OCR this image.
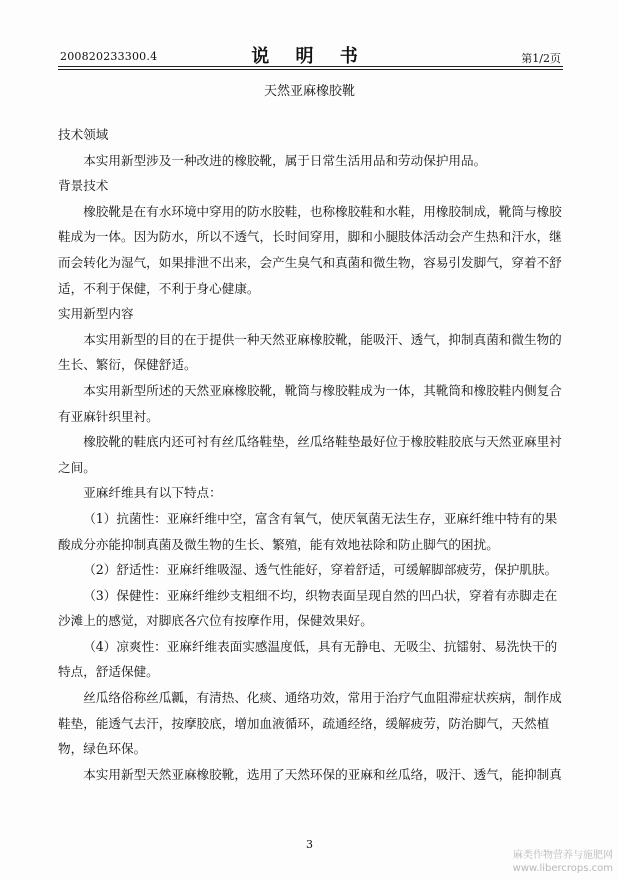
200820233300.4	说 明 书	第1/2页
天然亚麻橡胶靴

技术领域

本实用新型涉及一种改进的橡胶靴，属于日常生活用品和劳动保护用品。

背景技术

橡胶靴是在有水环境中穿用的防水胶鞋，也称橡胶鞋和水鞋，用橡胶制成，靴筒与橡胶鞋成为一体。因为防水，所以不透气，长时间穿用，脚和小腿肢体活动会产生热和汗水，继而会转化为湿气，如果排泄不出来，会产生臭气和真菌和微生物，容易引发脚气，穿着不舒适，不利于保健，不利于身心健康。

实用新型内容

本实用新型的目的在于提供一种天然亚麻橡胶靴，能吸汗、透气，抑制真菌和微生物的生长、繁衍，保健舒适。

本实用新型所述的天然亚麻橡胶靴，靴筒与橡胶鞋成为一体，其靴筒和橡胶鞋内侧复合有亚麻针织里衬。

橡胶靴的鞋底内还可衬有丝瓜络鞋垫，丝瓜络鞋垫最好位于橡胶鞋胶底与天然亚麻里衬之间。

亚麻纤维具有以下特点：

（1）抗菌性：亚麻纤维中空，富含有氧气，使厌氧菌无法生存，亚麻纤维中特有的果酸成分亦能抑制真菌及微生物的生长、繁殖，能有效地祛除和防止脚气的困扰。

（2）舒适性：亚麻纤维吸湿、透气性能好，穿着舒适，可缓解脚部疲劳，保护肌肤。

（3）保健性：亚麻纤维纱支粗细不均，织物表面呈现自然的凹凸状，穿着有赤脚走在沙滩上的感觉，对脚底各穴位有按摩作用，保健效果好。

（4）凉爽性：亚麻纤维表面实感温度低，具有无静电、无吸尘、抗镭射、易洗快干的特点，舒适保健。

丝瓜络俗称丝瓜瓤，有清热、化痰、通络功效，常用于治疗气血阻滞症状疾病，制作成鞋垫，能透气去汗，按摩胶底，增加血液循环，疏通经络，缓解疲劳，防治脚气，天然植物，绿色环保。

本实用新型天然亚麻橡胶靴，选用了天然环保的亚麻和丝瓜络，吸汗、透气，能抑制真

3
麻类作物营养与施肥网
www.libercrops.com
